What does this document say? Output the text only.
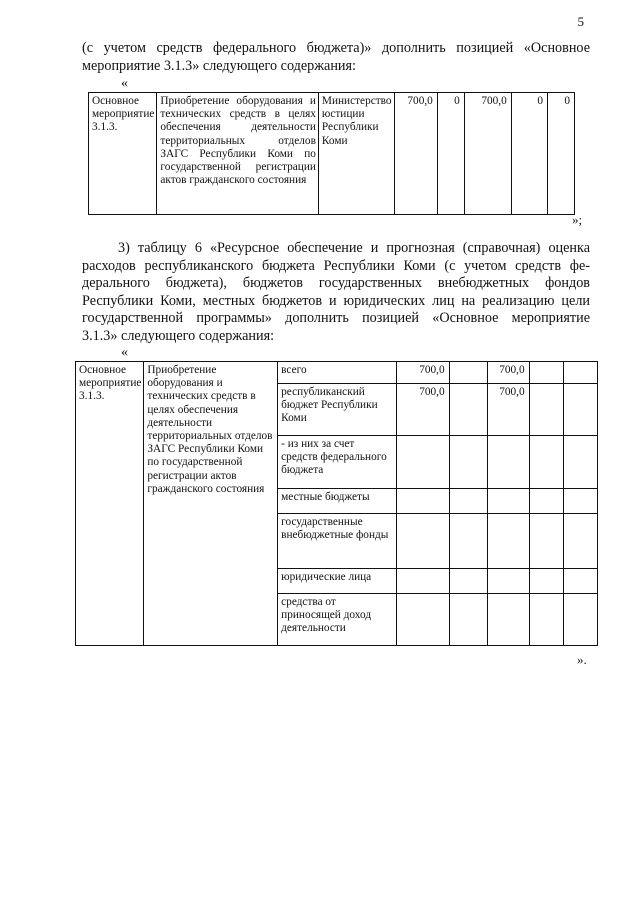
5
(с учетом средств федерального бюджета)» дополнить позицией «Основное
мероприятие 3.1.3» следующего содержания:
«
Основное мероприятие 3.1.3.	Приобретение оборудования и технических средств в целях обеспечения деятельности территориальных отделов ЗАГС Республики Коми по государственной регистрации актов гражданского состояния	Министерство юстиции Республики Коми	700,0	0	700,0	0	0
»;
3) таблицу 6 «Ресурсное обеспечение и прогнозная (справочная) оценка
расходов республиканского бюджета Республики Коми (с учетом средств фе-
дерального бюджета), бюджетов государственных внебюджетных фондов
Республики Коми, местных бюджетов и юридических лиц на реализацию цели
государственной программы» дополнить позицией «Основное мероприятие
3.1.3» следующего содержания:
«
Основное мероприятие 3.1.3.	Приобретение оборудования и технических средств в целях обеспечения деятельности территориальных отделов ЗАГС Республики Коми по государственной регистрации актов гражданского состояния	всего	700,0		700,0		
		республиканский бюджет Республики Коми	700,0		700,0		
		- из них за счет средств федерального бюджета					
		местные бюджеты					
		государственные внебюджетные фонды					
		юридические лица					
		средства от приносящей доход деятельности					
».
